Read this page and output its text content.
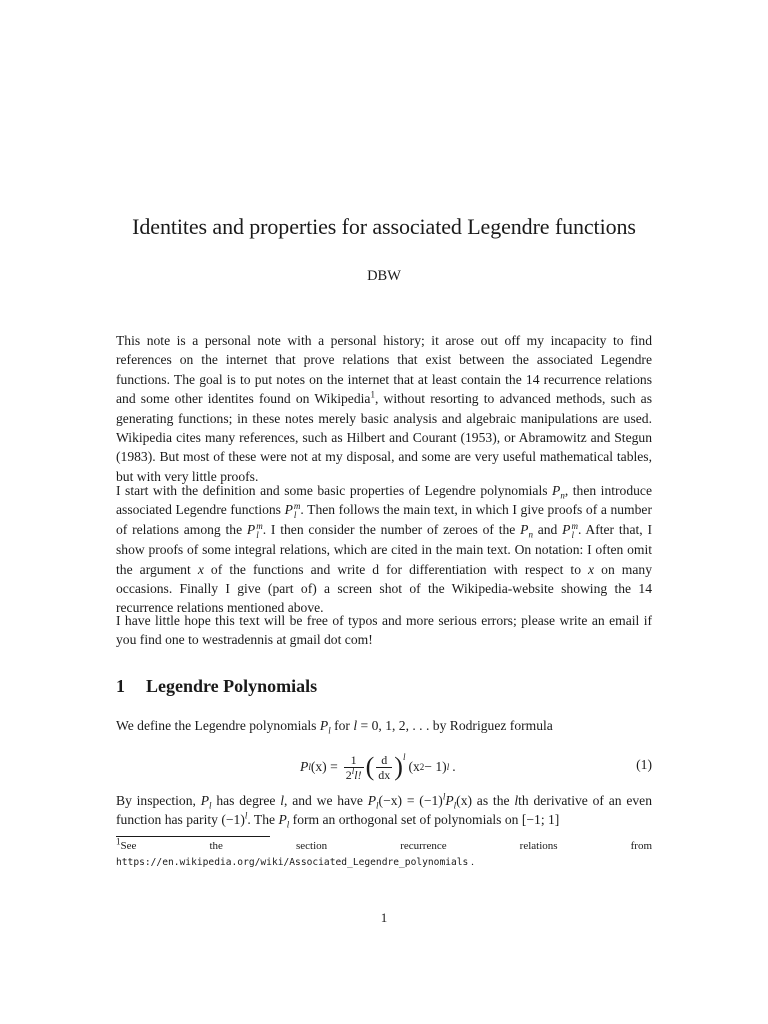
Identites and properties for associated Legendre functions
DBW

This note is a personal note with a personal history; it arose out off my incapacity to find references on the internet that prove relations that exist between the associated Legendre functions. The goal is to put notes on the internet that at least contain the 14 recurrence relations and some other identites found on Wikipedia$^1$, without resorting to advanced methods, such as generating functions; in these notes merely basic analysis and algebraic manipulations are used. Wikipedia cites many references, such as Hilbert and Courant (1953), or Abramowitz and Stegun (1983). But most of these were not at my disposal, and some are very useful mathematical tables, but with very little proofs.

I start with the definition and some basic properties of Legendre polynomials $P_n$, then introduce associated Legendre functions P m
l . Then follows the main text, in which I give proofs of a number of relations among the P m
l . I then consider the number of zeroes of the $P_n$ and P m
l . After that, I show proofs of some integral relations, which are cited in the main text. On notation: I often omit the argument x of the functions and write d for differentiation with respect to x on many occasions. Finally I give (part of) a screen shot of the Wikipedia-website showing the 14 recurrence relations mentioned above.

I have little hope this text will be free of typos and more serious errors; please write an email if you find one to westradennis at gmail dot com!

1 Legendre Polynomials

We define the Legendre polynomials $P_l$ for l = 0, 1, 2, . . . by Rodriguez formula

P l $(x) = \frac{1}{2^ll!}$ ( $\frac{d}{dx} )^l$
(x 2 − 1) l .	(1)

By inspection, $P_l$ has degree l, and we have $P_l(-x) = (-1)^lP_l(x)$ as the lth derivative of an even function has parity $(-1)^l$. The $P_l$ form an orthogonal set of polynomials on [−1; 1]

$^1$See the section recurrence relations from https://en.wikipedia.org/wiki/Associated_Legendre_polynomials .

1
